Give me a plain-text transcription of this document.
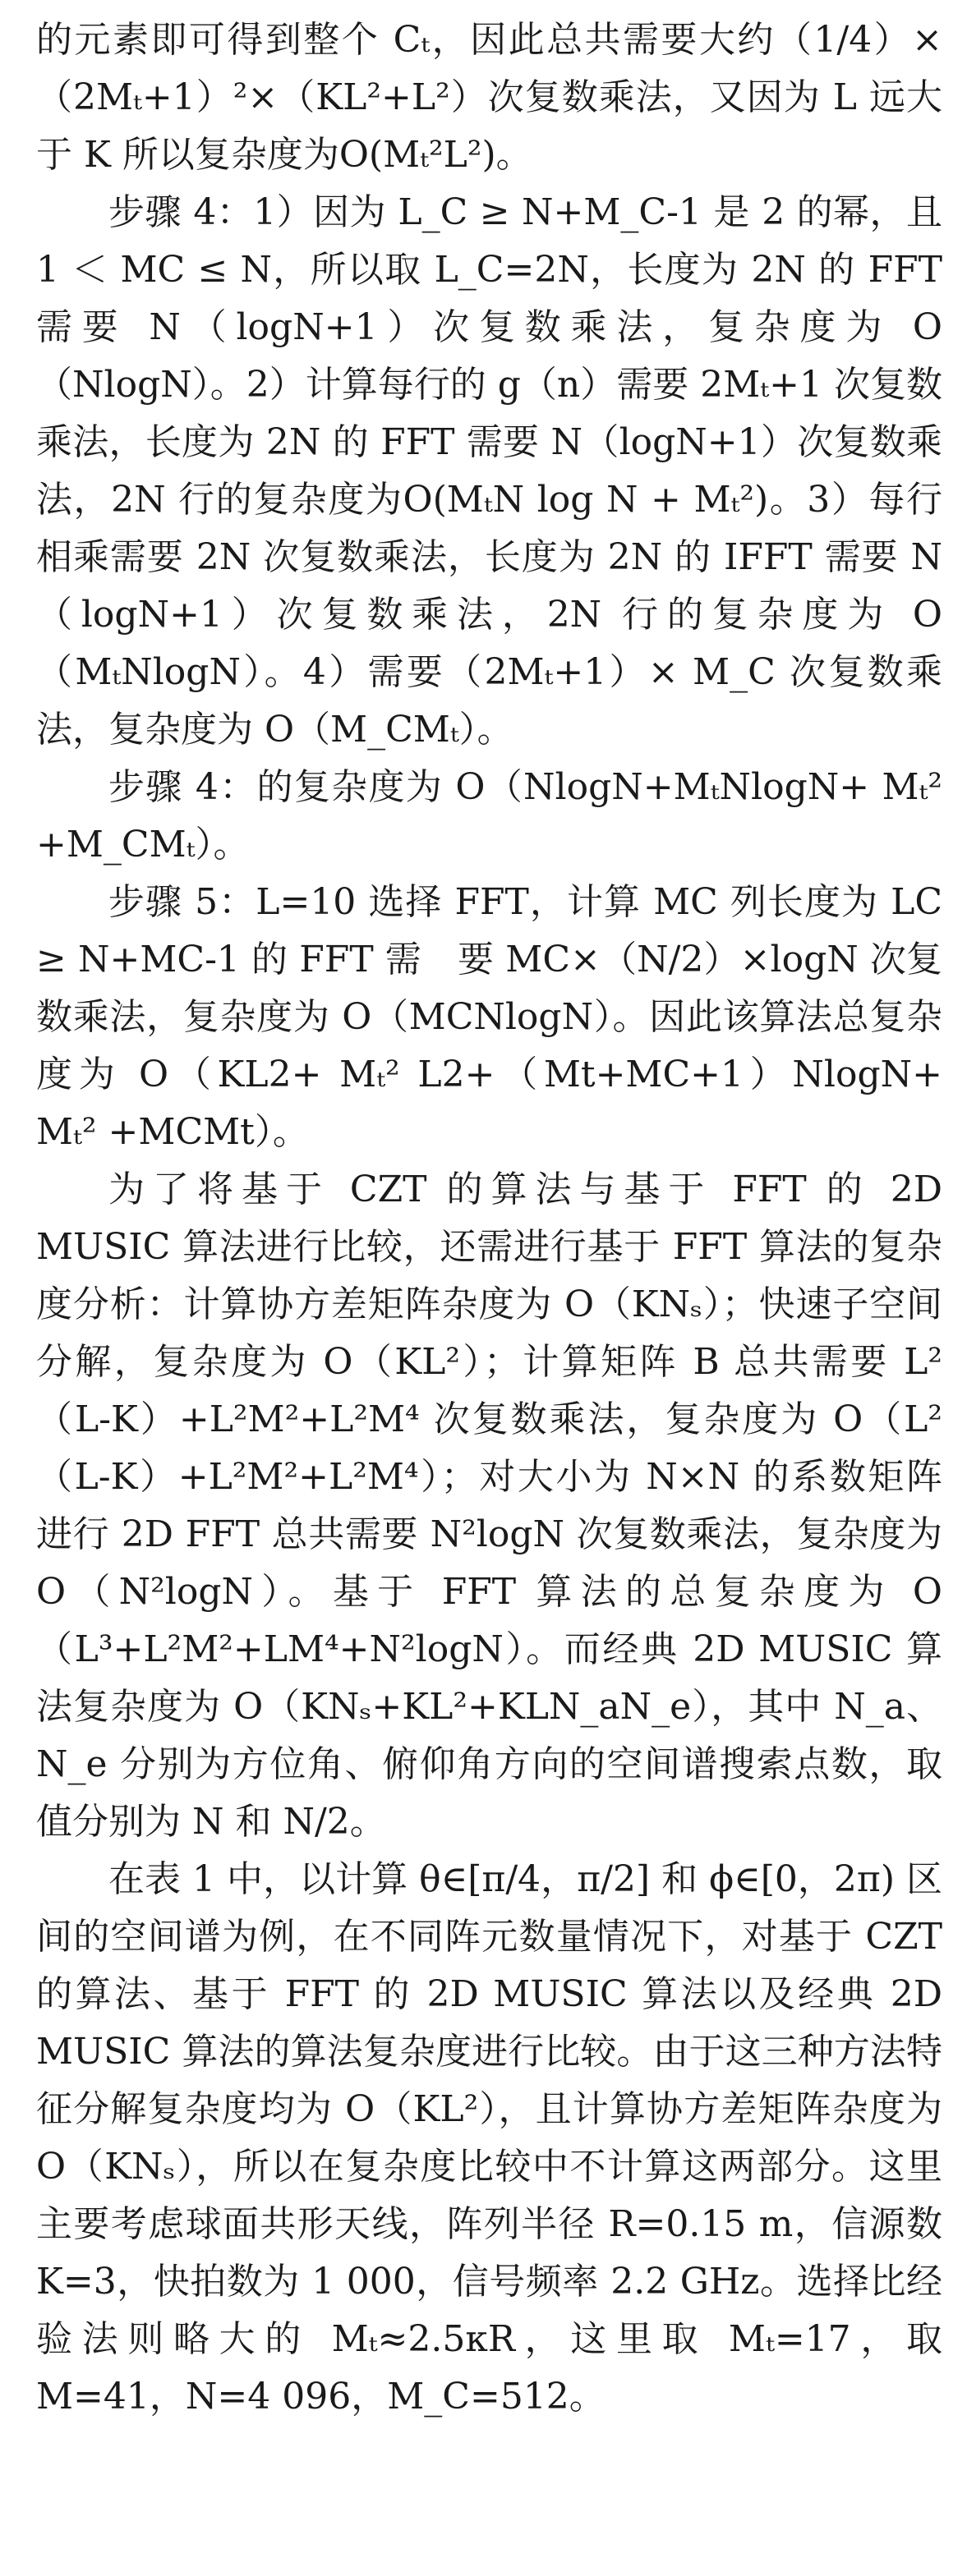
的元素即可得到整个 Cₜ，因此总共需要大约（1/4）×（2Mₜ+1）²×（KL²+L²）次复数乘法，又因为 L 远大于 K 所以复杂度为O(Mₜ²L²)。

步骤 4：1）因为 L_C ≥ N+M_C-1 是 2 的幂，且 1 ＜ MC ≤ N，所以取 L_C=2N，长度为 2N 的 FFT 需要 N（logN+1）次复数乘法，复杂度为 O（NlogN）。2）计算每行的 g（n）需要 2Mₜ+1 次复数乘法，长度为 2N 的 FFT 需要 N（logN+1）次复数乘法，2N 行的复杂度为O(MₜN log N + Mₜ²)。3）每行相乘需要 2N 次复数乘法，长度为 2N 的 IFFT 需要 N（logN+1）次复数乘法，2N 行的复杂度为 O（MₜNlogN）。4）需要（2Mₜ+1）× M_C 次复数乘法，复杂度为 O（M_CMₜ）。

步骤 4：的复杂度为 O（NlogN+MₜNlogN+ Mₜ² +M_CMₜ）。

步骤 5：L=10 选择 FFT，计算 MC 列长度为 LC ≥ N+MC-1 的 FFT 需　要 MC×（N/2）×logN 次复数乘法，复杂度为 O（MCNlogN）。因此该算法总复杂度为 O（KL2+ Mₜ² L2+（Mt+MC+1）NlogN+ Mₜ² +MCMt）。

为了将基于 CZT 的算法与基于 FFT 的 2D MUSIC 算法进行比较，还需进行基于 FFT 算法的复杂度分析：计算协方差矩阵杂度为 O（KNₛ）；快速子空间分解，复杂度为 O（KL²）；计算矩阵 B 总共需要 L²（L-K）+L²M²+L²M⁴ 次复数乘法，复杂度为 O（L²（L-K）+L²M²+L²M⁴）；对大小为 N×N 的系数矩阵进行 2D FFT 总共需要 N²logN 次复数乘法，复杂度为 O（N²logN）。基于 FFT 算法的总复杂度为 O（L³+L²M²+LM⁴+N²logN）。而经典 2D MUSIC 算法复杂度为 O（KNₛ+KL²+KLN_aN_e），其中 N_a、N_e 分别为方位角、俯仰角方向的空间谱搜索点数，取值分别为 N 和 N/2。

在表 1 中，以计算 θ∈[π/4，π/2] 和 ϕ∈[0，2π) 区间的空间谱为例，在不同阵元数量情况下，对基于 CZT 的算法、基于 FFT 的 2D MUSIC 算法以及经典 2D MUSIC 算法的算法复杂度进行比较。由于这三种方法特征分解复杂度均为 O（KL²），且计算协方差矩阵杂度为 O（KNₛ），所以在复杂度比较中不计算这两部分。这里主要考虑球面共形天线，阵列半径 R=0.15 m，信源数 K=3，快拍数为 1 000，信号频率 2.2 GHz。选择比经验法则略大的 Mₜ≈2.5κR，这里取 Mₜ=17，取 M=41，N=4 096，M_C=512。
